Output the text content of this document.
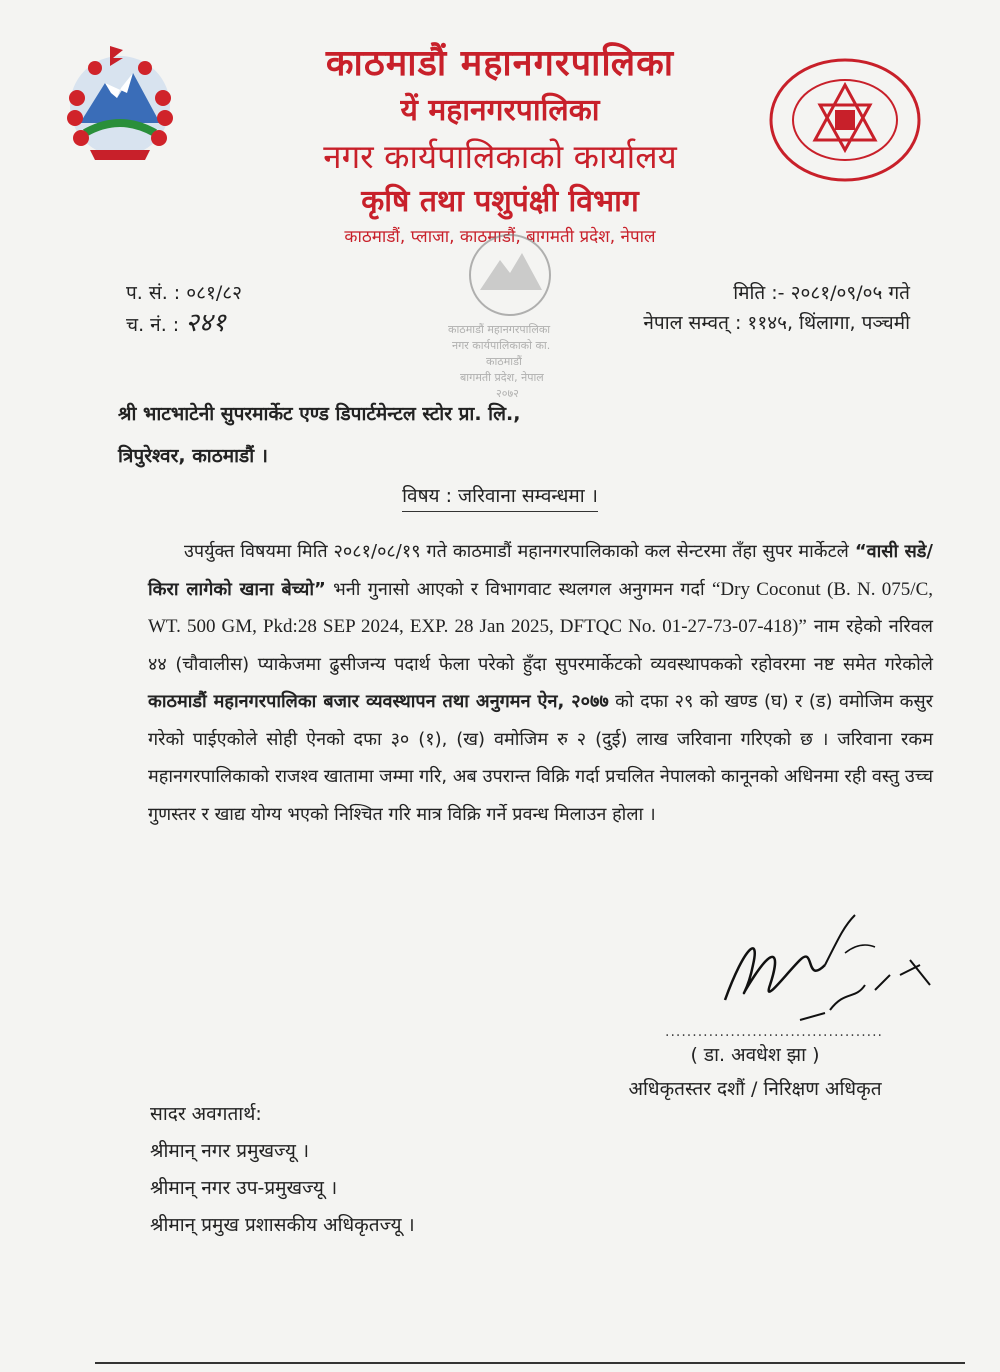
काठमाडौं महानगरपालिका
यें महानगरपालिका
नगर कार्यपालिकाको कार्यालय
कृषि तथा पशुपंक्षी विभाग
काठमाडौं, प्लाजा, काठमाडौं, बागमती प्रदेश, नेपाल
काठमाडौं महानगरपालिका
नगर कार्यपालिकाको का.
काठमाडौं
बागमती प्रदेश, नेपाल
२०७२
प. सं. : ०८१/८२
च. नं. : २४१
मिति :- २०८१/०९/०५ गते
नेपाल सम्वत् : ११४५, थिंलागा, पञ्चमी
श्री भाटभाटेनी सुपरमार्केट एण्ड डिपार्टमेन्टल स्टोर प्रा. लि.,
त्रिपुरेश्वर, काठमाडौं ।
विषय : जरिवाना सम्वन्धमा ।

उपर्युक्त विषयमा मिति २०८१/०८/१९ गते काठमाडौं महानगरपालिकाको कल सेन्टरमा तँहा सुपर मार्केटले “वासी सडे/किरा लागेको खाना बेच्यो” भनी गुनासो आएको र विभागवाट स्थलगल अनुगमन गर्दा “Dry Coconut (B. N. 075/C, WT. 500 GM, Pkd:28 SEP 2024, EXP. 28 Jan 2025, DFTQC No. 01-27-73-07-418)” नाम रहेको नरिवल ४४ (चौवालीस) प्याकेजमा ढुसीजन्य पदार्थ फेला परेको हुँदा सुपरमार्केटको व्यवस्थापकको रहोवरमा नष्ट समेत गरेकोले काठमाडौं महानगरपालिका बजार व्यवस्थापन तथा अनुगमन ऐन, २०७७ को दफा २९ को खण्ड (घ) र (ड) वमोजिम कसुर गरेको पाईएकोले सोही ऐनको दफा ३० (१), (ख) वमोजिम रु २ (दुई) लाख जरिवाना गरिएको छ । जरिवाना रकम महानगरपालिकाको राजश्व खातामा जम्मा गरि, अब उपरान्त विक्रि गर्दा प्रचलित नेपालको कानूनको अधिनमा रही वस्तु उच्च गुणस्तर र खाद्य योग्य भएको निश्चित गरि मात्र विक्रि गर्ने प्रवन्ध मिलाउन होला ।

........................................
( डा. अवधेश झा )
अधिकृतस्तर दशौं / निरिक्षण अधिकृत
सादर अवगतार्थ:
श्रीमान् नगर प्रमुखज्यू ।
श्रीमान् नगर उप-प्रमुखज्यू ।
श्रीमान् प्रमुख प्रशासकीय अधिकृतज्यू ।
